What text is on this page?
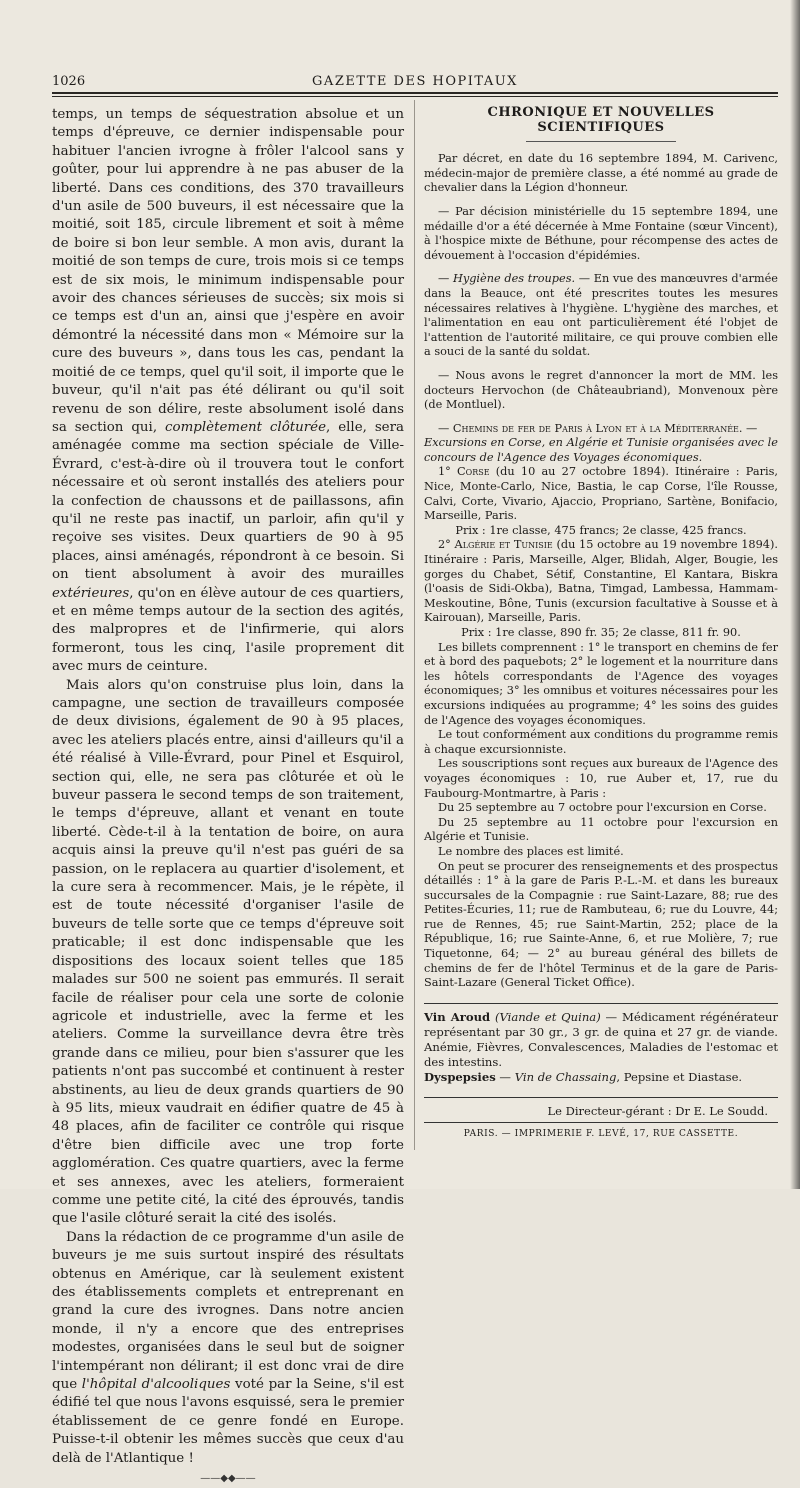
1026	GAZETTE DES HOPITAUX

temps, un temps de séquestration absolue et un temps d'épreuve, ce dernier indispensable pour habituer l'ancien ivrogne à frôler l'alcool sans y goûter, pour lui apprendre à ne pas abuser de la liberté. Dans ces conditions, des 370 travailleurs d'un asile de 500 buveurs, il est nécessaire que la moitié, soit 185, circule librement et soit à même de boire si bon leur semble. A mon avis, durant la moitié de son temps de cure, trois mois si ce temps est de six mois, le minimum indispensable pour avoir des chances sérieuses de succès; six mois si ce temps est d'un an, ainsi que j'espère en avoir démontré la nécessité dans mon « Mémoire sur la cure des buveurs », dans tous les cas, pendant la moitié de ce temps, quel qu'il soit, il importe que le buveur, qu'il n'ait pas été délirant ou qu'il soit revenu de son délire, reste absolument isolé dans sa section qui, complètement clôturée, elle, sera aménagée comme ma section spéciale de Ville-Évrard, c'est-à-dire où il trouvera tout le confort nécessaire et où seront installés des ateliers pour la confection de chaussons et de paillassons, afin qu'il ne reste pas inactif, un parloir, afin qu'il y reçoive ses visites. Deux quartiers de 90 à 95 places, ainsi aménagés, répondront à ce besoin. Si on tient absolument à avoir des murailles extérieures, qu'on en élève autour de ces quartiers, et en même temps autour de la section des agités, des malpropres et de l'infirmerie, qui alors formeront, tous les cinq, l'asile proprement dit avec murs de ceinture.

Mais alors qu'on construise plus loin, dans la campagne, une section de travailleurs composée de deux divisions, également de 90 à 95 places, avec les ateliers placés entre, ainsi d'ailleurs qu'il a été réalisé à Ville-Évrard, pour Pinel et Esquirol, section qui, elle, ne sera pas clôturée et où le buveur passera le second temps de son traitement, le temps d'épreuve, allant et venant en toute liberté. Cède-t-il à la tentation de boire, on aura acquis ainsi la preuve qu'il n'est pas guéri de sa passion, on le replacera au quartier d'isolement, et la cure sera à recommencer. Mais, je le répète, il est de toute nécessité d'organiser l'asile de buveurs de telle sorte que ce temps d'épreuve soit praticable; il est donc indispensable que les dispositions des locaux soient telles que 185 malades sur 500 ne soient pas emmurés. Il serait facile de réaliser pour cela une sorte de colonie agricole et industrielle, avec la ferme et les ateliers. Comme la surveillance devra être très grande dans ce milieu, pour bien s'assurer que les patients n'ont pas succombé et continuent à rester abstinents, au lieu de deux grands quartiers de 90 à 95 lits, mieux vaudrait en édifier quatre de 45 à 48 places, afin de faciliter ce contrôle qui risque d'être bien difficile avec une trop forte agglomération. Ces quatre quartiers, avec la ferme et ses annexes, avec les ateliers, formeraient comme une petite cité, la cité des éprouvés, tandis que l'asile clôturé serait la cité des isolés.

Dans la rédaction de ce programme d'un asile de buveurs je me suis surtout inspiré des résultats obtenus en Amérique, car là seulement existent des établissements complets et entreprenant en grand la cure des ivrognes. Dans notre ancien monde, il n'y a encore que des entreprises modestes, organisées dans le seul but de soigner l'intempérant non délirant; il est donc vrai de dire que l'hôpital d'alcooliques voté par la Seine, s'il est édifié tel que nous l'avons esquissé, sera le premier établissement de ce genre fondé en Europe. Puisse-t-il obtenir les mêmes succès que ceux d'au delà de l'Atlantique !

——◆◆——
CHRONIQUE ET NOUVELLES SCIENTIFIQUES

Par décret, en date du 16 septembre 1894, M. Carivenc, médecin-major de première classe, a été nommé au grade de chevalier dans la Légion d'honneur.

— Par décision ministérielle du 15 septembre 1894, une médaille d'or a été décernée à Mme Fontaine (sœur Vincent), à l'hospice mixte de Béthune, pour récompense des actes de dévouement à l'occasion d'épidémies.

— Hygiène des troupes. — En vue des manœuvres d'armée dans la Beauce, ont été prescrites toutes les mesures nécessaires relatives à l'hygiène. L'hygiène des marches, et l'alimentation en eau ont particulièrement été l'objet de l'attention de l'autorité militaire, ce qui prouve combien elle a souci de la santé du soldat.

— Nous avons le regret d'annoncer la mort de MM. les docteurs Hervochon (de Châteaubriand), Monvenoux père (de Montluel).

— Chemins de fer de Paris à Lyon et à la Méditerranée. —

Excursions en Corse, en Algérie et Tunisie organisées avec le concours de l'Agence des Voyages économiques.

1° Corse (du 10 au 27 octobre 1894). Itinéraire : Paris, Nice, Monte-Carlo, Nice, Bastia, le cap Corse, l'île Rousse, Calvi, Corte, Vivario, Ajaccio, Propriano, Sartène, Bonifacio, Marseille, Paris.

Prix : 1re classe, 475 francs; 2e classe, 425 francs.

2° Algérie et Tunisie (du 15 octobre au 19 novembre 1894). Itinéraire : Paris, Marseille, Alger, Blidah, Alger, Bougie, les gorges du Chabet, Sétif, Constantine, El Kantara, Biskra (l'oasis de Sidi-Okba), Batna, Timgad, Lambessa, Hammam-Meskoutine, Bône, Tunis (excursion facultative à Sousse et à Kairouan), Marseille, Paris.

Prix : 1re classe, 890 fr. 35; 2e classe, 811 fr. 90.

Les billets comprennent : 1° le transport en chemins de fer et à bord des paquebots; 2° le logement et la nourriture dans les hôtels correspondants de l'Agence des voyages économiques; 3° les omnibus et voitures nécessaires pour les excursions indiquées au programme; 4° les soins des guides de l'Agence des voyages économiques.

Le tout conformément aux conditions du programme remis à chaque excursionniste.

Les souscriptions sont reçues aux bureaux de l'Agence des voyages économiques : 10, rue Auber et, 17, rue du Faubourg-Montmartre, à Paris :

Du 25 septembre au 7 octobre pour l'excursion en Corse.

Du 25 septembre au 11 octobre pour l'excursion en Algérie et Tunisie.

Le nombre des places est limité.

On peut se procurer des renseignements et des prospectus détaillés : 1° à la gare de Paris P.-L.-M. et dans les bureaux succursales de la Compagnie : rue Saint-Lazare, 88; rue des Petites-Écuries, 11; rue de Rambuteau, 6; rue du Louvre, 44; rue de Rennes, 45; rue Saint-Martin, 252; place de la République, 16; rue Sainte-Anne, 6, et rue Molière, 7; rue Tiquetonne, 64; — 2° au bureau général des billets de chemins de fer de l'hôtel Terminus et de la gare de Paris-Saint-Lazare (General Ticket Office).

Vin Aroud (Viande et Quina) — Médicament régénérateur représentant par 30 gr., 3 gr. de quina et 27 gr. de viande. Anémie, Fièvres, Convalescences, Maladies de l'estomac et des intestins.

Dyspepsies — Vin de Chassaing, Pepsine et Diastase.

Le Directeur-gérant : Dr E. Le Soudd.
PARIS. — IMPRIMERIE F. LEVÉ, 17, RUE CASSETTE.
